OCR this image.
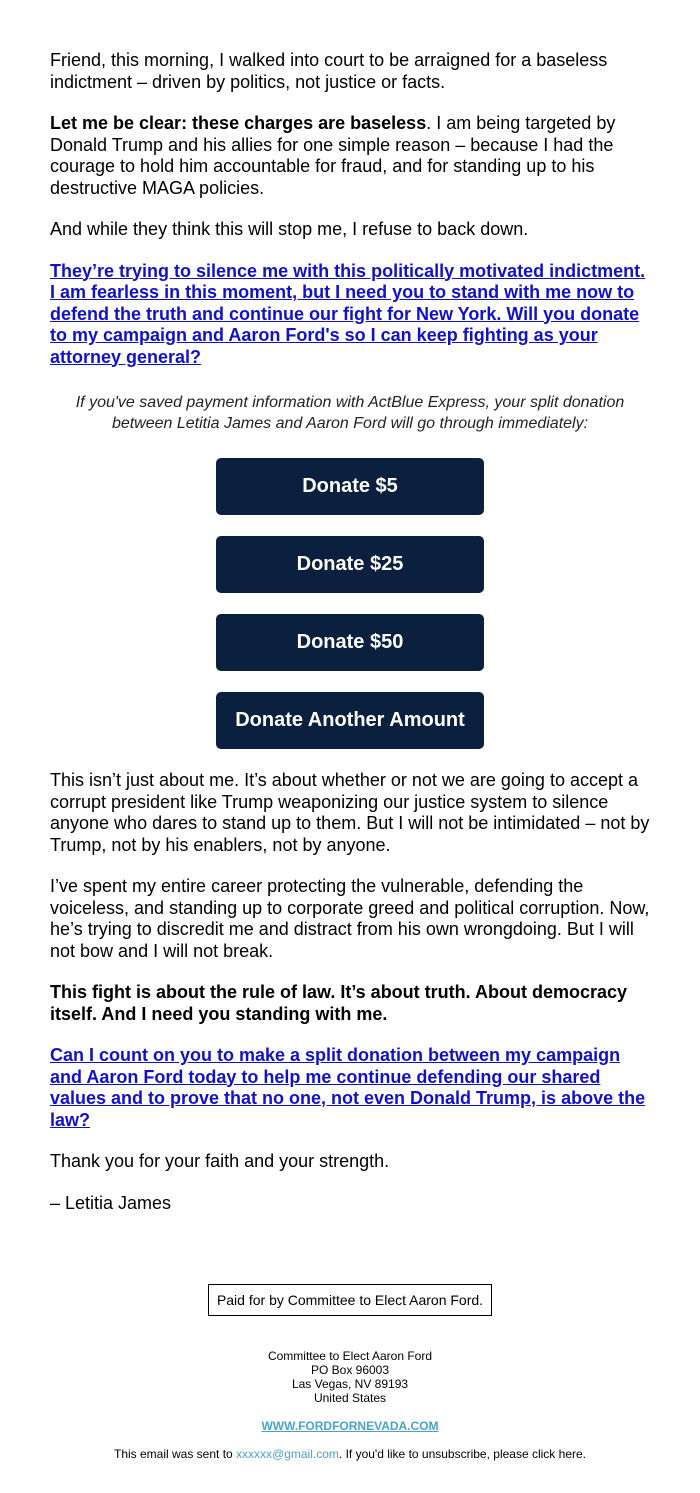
Friend, this morning, I walked into court to be arraigned for a baseless indictment – driven by politics, not justice or facts.

Let me be clear: these charges are baseless. I am being targeted by Donald Trump and his allies for one simple reason – because I had the courage to hold him accountable for fraud, and for standing up to his destructive MAGA policies.

And while they think this will stop me, I refuse to back down.

They’re trying to silence me with this politically motivated indictment. I am fearless in this moment, but I need you to stand with me now to defend the truth and continue our fight for New York. Will you donate to my campaign and Aaron Ford's so I can keep fighting as your attorney general?

If you've saved payment information with ActBlue Express, your split donation between Letitia James and Aaron Ford will go through immediately:

Donate $5
Donate $25
Donate $50
Donate Another Amount

This isn’t just about me. It’s about whether or not we are going to accept a corrupt president like Trump weaponizing our justice system to silence anyone who dares to stand up to them. But I will not be intimidated – not by Trump, not by his enablers, not by anyone.

I’ve spent my entire career protecting the vulnerable, defending the voiceless, and standing up to corporate greed and political corruption. Now, he’s trying to discredit me and distract from his own wrongdoing. But I will not bow and I will not break.

This fight is about the rule of law. It’s about truth. About democracy itself. And I need you standing with me.

Can I count on you to make a split donation between my campaign and Aaron Ford today to help me continue defending our shared values and to prove that no one, not even Donald Trump, is above the law?

Thank you for your faith and your strength.

– Letitia James

Paid for by Committee to Elect Aaron Ford.
Committee to Elect Aaron Ford
PO Box 96003
Las Vegas, NV 89193
United States
WWW.FORDFORNEVADA.COM
This email was sent to xxxxxx@gmail.com. If you'd like to unsubscribe, please click here.
